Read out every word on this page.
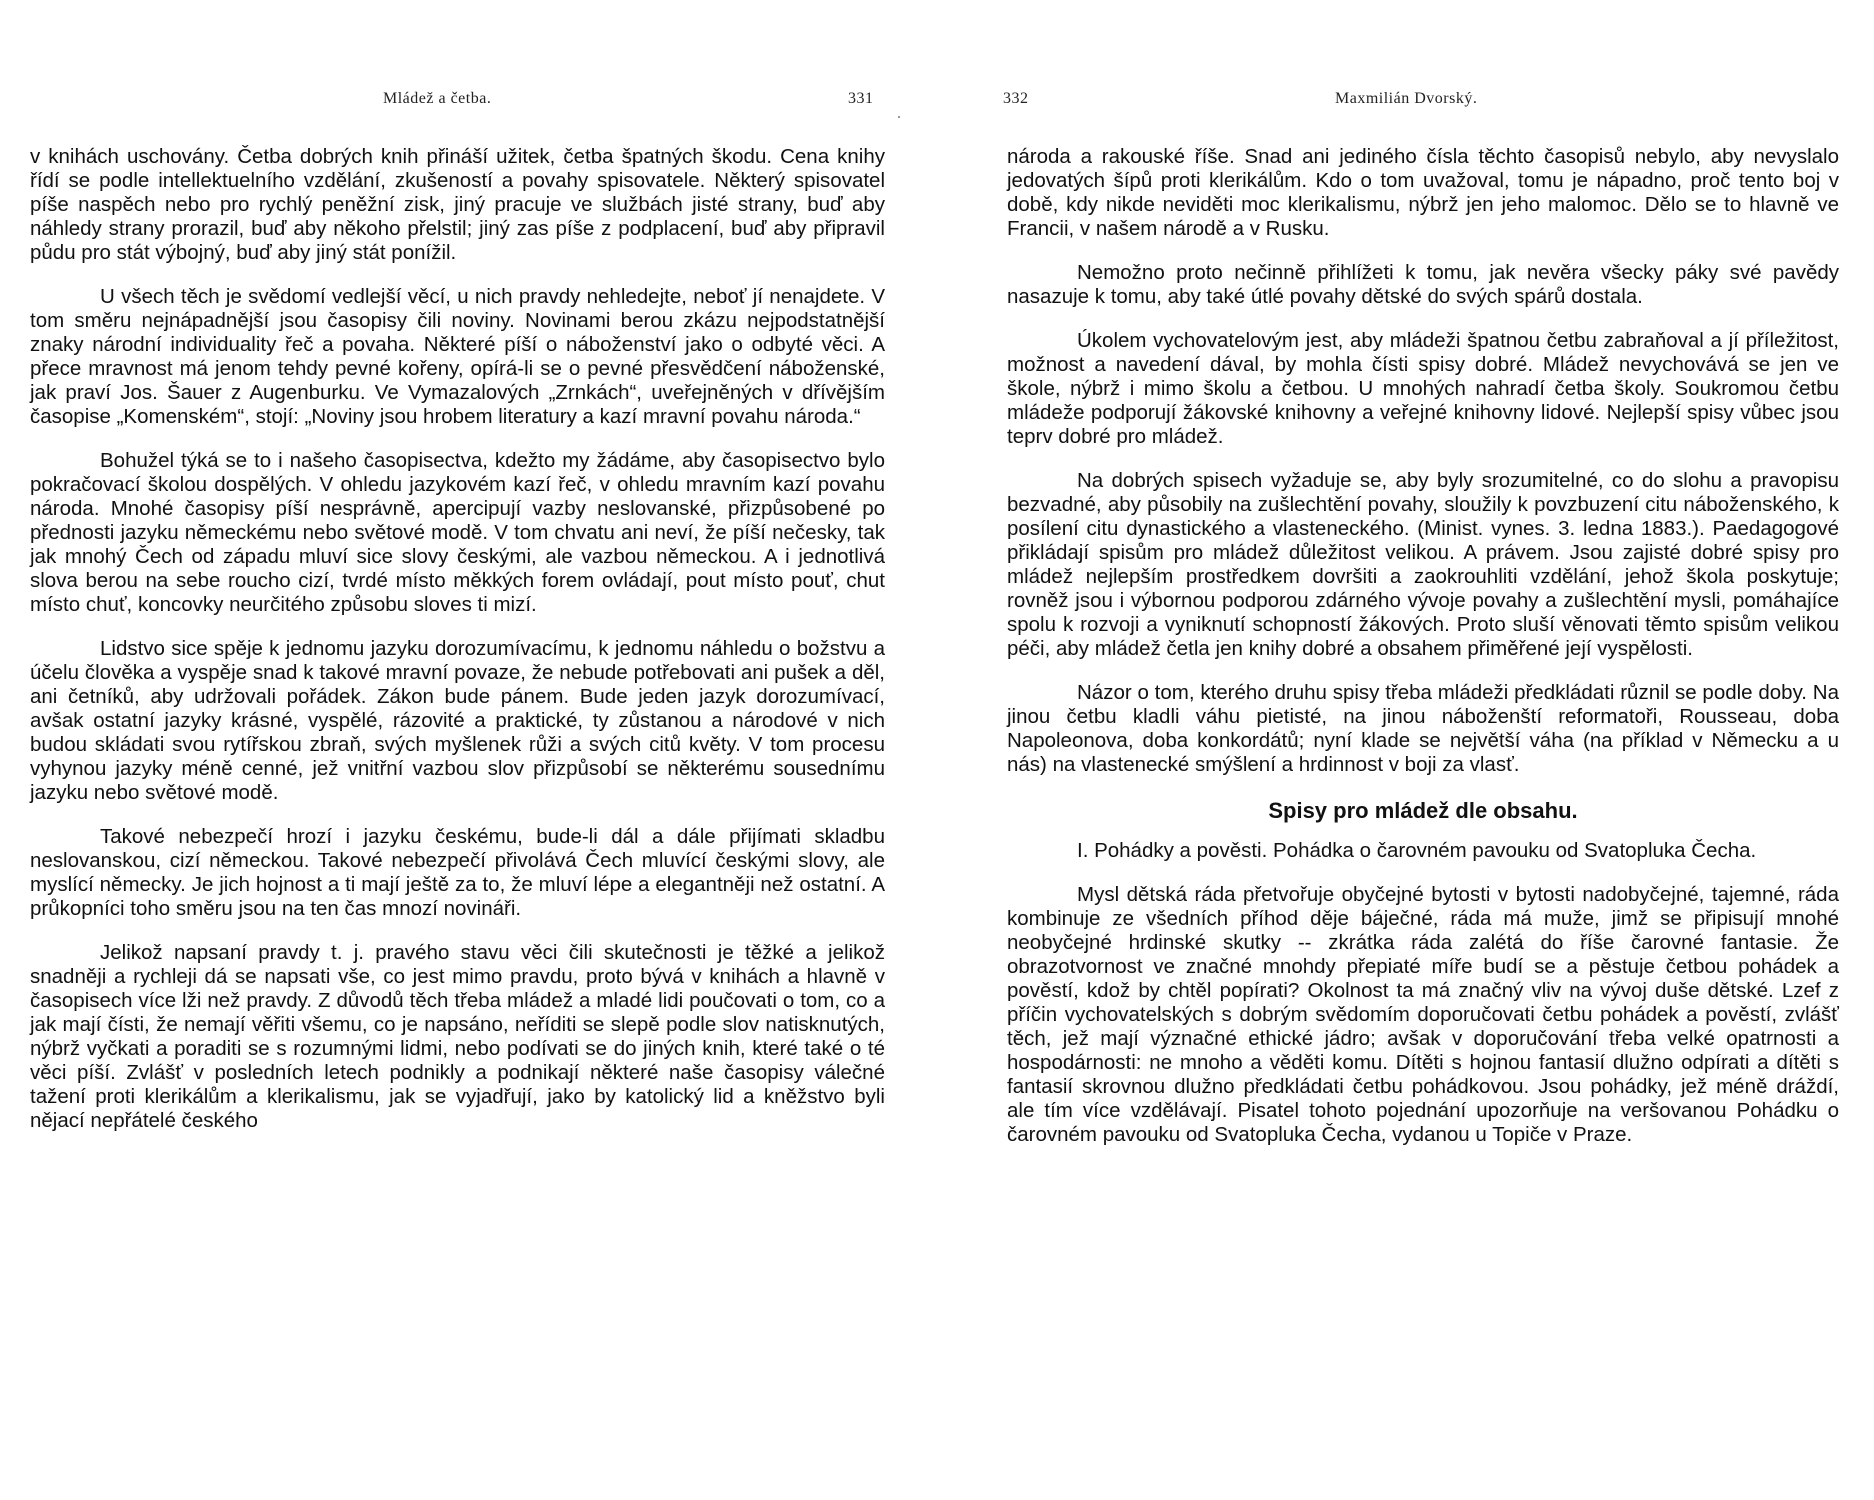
Mládež a četba.	331

v knihách uschovány. Četba dobrých knih přináší užitek, četba špatných škodu. Cena knihy řídí se podle intellektuelního vzdělání, zkušeností a povahy spisovatele. Některý spisovatel píše naspěch nebo pro rychlý peněžní zisk, jiný pracuje ve službách jisté strany, buď aby náhledy strany prorazil, buď aby někoho přelstil; jiný zas píše z podplacení, buď aby připravil půdu pro stát výbojný, buď aby jiný stát ponížil.

U všech těch je svědomí vedlejší věcí, u nich pravdy nehledejte, neboť jí nenajdete. V tom směru nejnápadnější jsou časopisy čili noviny. Novinami berou zkázu nejpodstatnější znaky národní individuality řeč a povaha. Některé píší o náboženství jako o odbyté věci. A přece mravnost má jenom tehdy pevné kořeny, opírá-li se o pevné přesvědčení náboženské, jak praví Jos. Šauer z Augenburku. Ve Vymazalových „Zrnkách“, uveřejněných v dřívějším časopise „Komenském“, stojí: „Noviny jsou hrobem literatury a kazí mravní povahu národa.“

Bohužel týká se to i našeho časopisectva, kdežto my žádáme, aby časopisectvo bylo pokračovací školou dospělých. V ohledu jazykovém kazí řeč, v ohledu mravním kazí povahu národa. Mnohé časopisy píší nesprávně, apercipují vazby neslovanské, přizpůsobené po přednosti jazyku německému nebo světové modě. V tom chvatu ani neví, že píší nečesky, tak jak mnohý Čech od západu mluví sice slovy českými, ale vazbou německou. A i jednotlivá slova berou na sebe roucho cizí, tvrdé místo měkkých forem ovládají, pout místo pouť, chut místo chuť, koncovky neurčitého způsobu sloves ti mizí.

Lidstvo sice spěje k jednomu jazyku dorozumívacímu, k jednomu náhledu o božstvu a účelu člověka a vyspěje snad k takové mravní povaze, že nebude potřebovati ani pušek a děl, ani četníků, aby udržovali pořádek. Zákon bude pánem. Bude jeden jazyk dorozumívací, avšak ostatní jazyky krásné, vyspělé, rázovité a praktické, ty zůstanou a národové v nich budou skládati svou rytířskou zbraň, svých myšlenek růži a svých citů květy. V tom procesu vyhynou jazyky méně cenné, jež vnitřní vazbou slov přizpůsobí se některému sousednímu jazyku nebo světové modě.

Takové nebezpečí hrozí i jazyku českému, bude-li dál a dále přijímati skladbu neslovanskou, cizí německou. Takové nebezpečí přivolává Čech mluvící českými slovy, ale myslící německy. Je jich hojnost a ti mají ještě za to, že mluví lépe a elegantněji než ostatní. A průkopníci toho směru jsou na ten čas mnozí novináři.

Jelikož napsaní pravdy t. j. pravého stavu věci čili skutečnosti je těžké a jelikož snadněji a rychleji dá se napsati vše, co jest mimo pravdu, proto bývá v knihách a hlavně v časopisech více lži než pravdy. Z důvodů těch třeba mládež a mladé lidi poučovati o tom, co a jak mají čísti, že nemají věřiti všemu, co je napsáno, neříditi se slepě podle slov natisknutých, nýbrž vyčkati a poraditi se s rozumnými lidmi, nebo podívati se do jiných knih, které také o té věci píší. Zvlášť v posledních letech podnikly a podnikají některé naše časopisy válečné tažení proti klerikálům a klerikalismu, jak se vyjadřují, jako by katolický lid a kněžstvo byli nějací nepřátelé českého

332	Maxmilián Dvorský.

národa a rakouské říše. Snad ani jediného čísla těchto časopisů nebylo, aby nevyslalo jedovatých šípů proti klerikálům. Kdo o tom uvažoval, tomu je nápadno, proč tento boj v době, kdy nikde neviděti moc klerikalismu, nýbrž jen jeho malomoc. Dělo se to hlavně ve Francii, v našem národě a v Rusku.

Nemožno proto nečinně přihlížeti k tomu, jak nevěra všecky páky své pavědy nasazuje k tomu, aby také útlé povahy dětské do svých spárů dostala.

Úkolem vychovatelovým jest, aby mládeži špatnou četbu zabraňoval a jí příležitost, možnost a navedení dával, by mohla čísti spisy dobré. Mládež nevychovává se jen ve škole, nýbrž i mimo školu a četbou. U mnohých nahradí četba školy. Soukromou četbu mládeže podporují žákovské knihovny a veřejné knihovny lidové. Nejlepší spisy vůbec jsou teprv dobré pro mládež.

Na dobrých spisech vyžaduje se, aby byly srozumitelné, co do slohu a pravopisu bezvadné, aby působily na zušlechtění povahy, sloužily k povzbuzení citu náboženského, k posílení citu dynastického a vlasteneckého. (Minist. vynes. 3. ledna 1883.). Paedagogové přikládají spisům pro mládež důležitost velikou. A právem. Jsou zajisté dobré spisy pro mládež nejlepším prostředkem dovršiti a zaokrouhliti vzdělání, jehož škola poskytuje; rovněž jsou i výbornou podporou zdárného vývoje povahy a zušlechtění mysli, pomáhajíce spolu k rozvoji a vyniknutí schopností žákových. Proto sluší věnovati těmto spisům velikou péči, aby mládež četla jen knihy dobré a obsahem přiměřené její vyspělosti.

Názor o tom, kterého druhu spisy třeba mládeži předkládati různil se podle doby. Na jinou četbu kladli váhu pietisté, na jinou náboženští reformatoři, Rousseau, doba Napoleonova, doba konkordátů; nyní klade se největší váha (na příklad v Německu a u nás) na vlastenecké smýšlení a hrdinnost v boji za vlasť.

Spisy pro mládež dle obsahu.

I. Pohádky a pověsti. Pohádka o čarovném pavouku od Svatopluka Čecha.

Mysl dětská ráda přetvořuje obyčejné bytosti v bytosti nadobyčejné, tajemné, ráda kombinuje ze všedních příhod děje báječné, ráda má muže, jimž se připisují mnohé neobyčejné hrdinské skutky -- zkrátka ráda zalétá do říše čarovné fantasie. Že obrazotvornost ve značné mnohdy přepiaté míře budí se a pěstuje četbou pohádek a pověstí, kdož by chtěl popírati? Okolnost ta má značný vliv na vývoj duše dětské. Lzef z příčin vychovatelských s dobrým svědomím doporučovati četbu pohádek a pověstí, zvlášť těch, jež mají význačné ethické jádro; avšak v doporučování třeba velké opatrnosti a hospodárnosti: ne mnoho a věděti komu. Dítěti s hojnou fantasií dlužno odpírati a dítěti s fantasií skrovnou dlužno předkládati četbu pohádkovou. Jsou pohádky, jež méně dráždí, ale tím více vzdělávají. Pisatel tohoto pojednání upozorňuje na veršovanou Pohádku o čarovném pavouku od Svatopluka Čecha, vydanou u Topiče v Praze.
